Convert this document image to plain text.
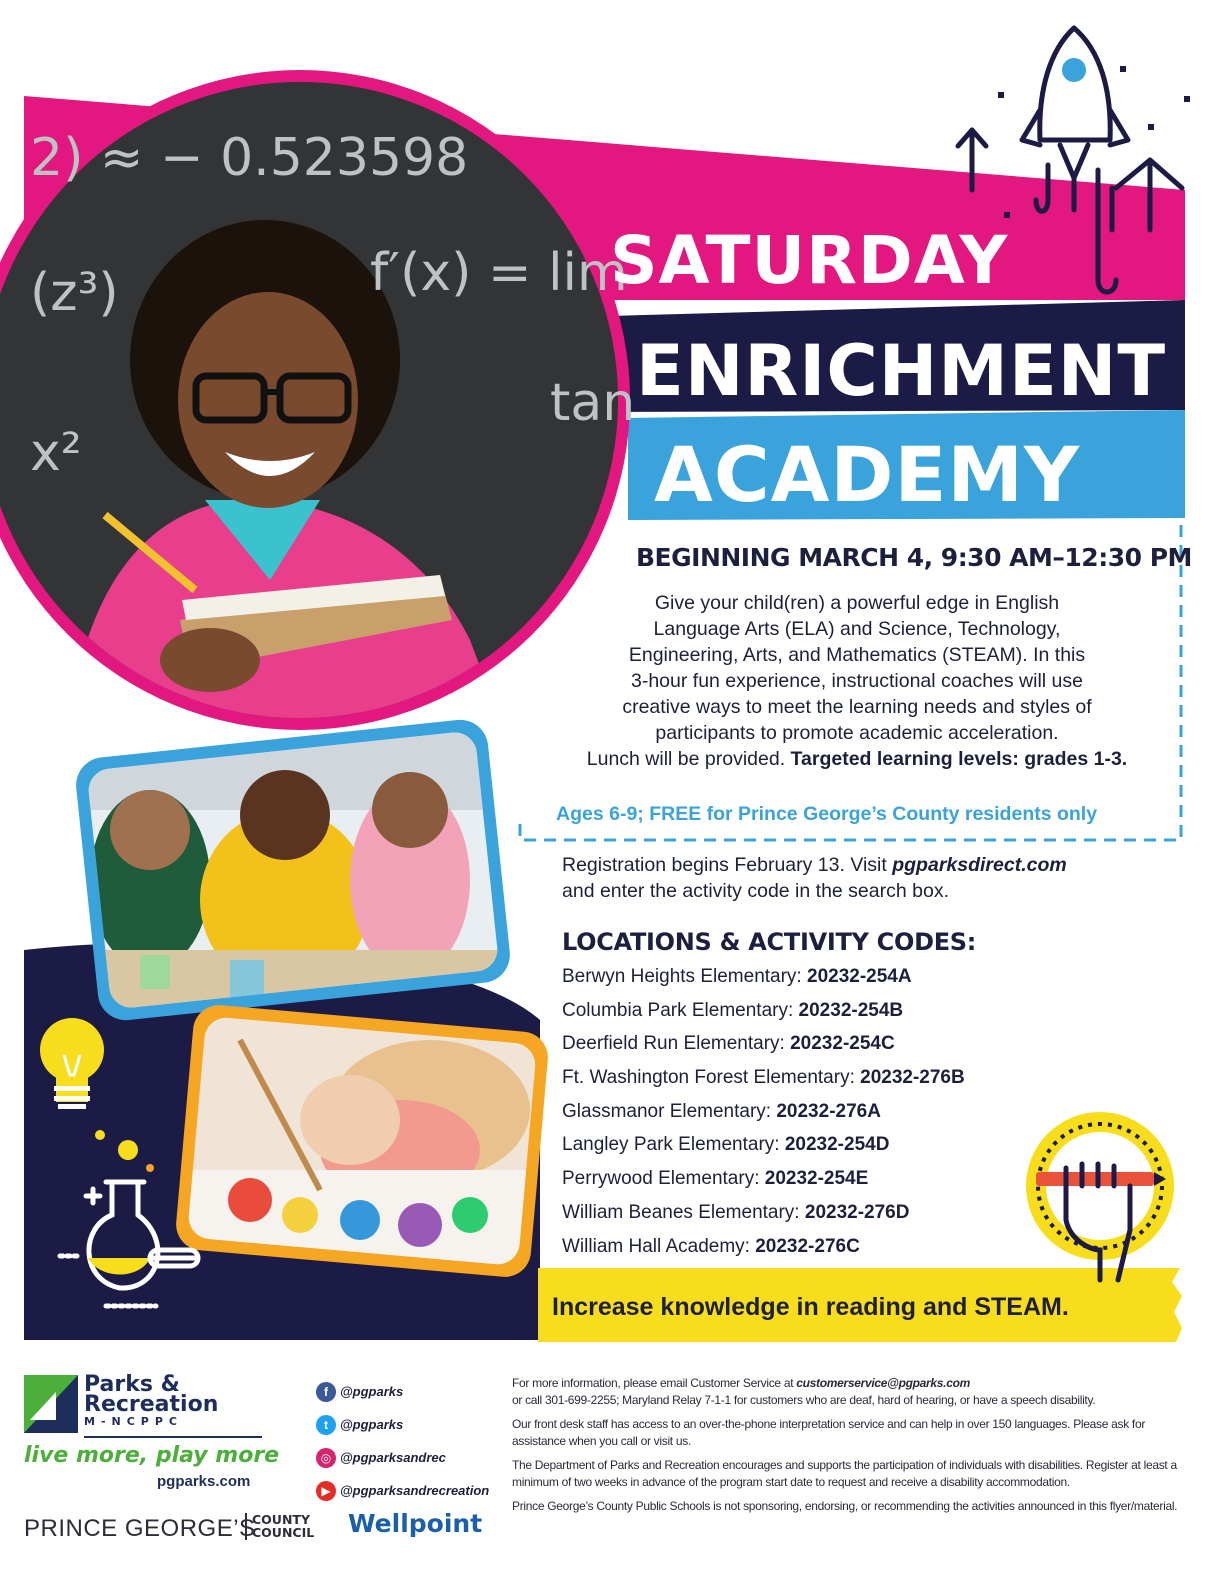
2) ≈ − 0.523598
f′(x) = lim
(z³)
x²
tan
SATURDAY
ENRICHMENT
ACADEMY
BEGINNING MARCH 4, 9:30 AM–12:30 PM
Give your child(ren) a powerful edge in English
Language Arts (ELA) and Science, Technology,
Engineering, Arts, and Mathematics (STEAM). In this
3-hour fun experience, instructional coaches will use
creative ways to meet the learning needs and styles of
participants to promote academic acceleration.
Lunch will be provided. Targeted learning levels: grades 1-3.
Ages 6-9; FREE for Prince George’s County residents only
Registration begins February 13. Visit pgparksdirect.com
and enter the activity code in the search box.
LOCATIONS & ACTIVITY CODES:
Berwyn Heights Elementary: 20232-254A
Columbia Park Elementary: 20232-254B
Deerfield Run Elementary: 20232-254C
Ft. Washington Forest Elementary: 20232-276B
Glassmanor Elementary: 20232-276A
Langley Park Elementary: 20232-254D
Perrywood Elementary: 20232-254E
William Beanes Elementary: 20232-276D
William Hall Academy: 20232-276C
Increase knowledge in reading and STEAM.
Parks &
Recreation
M-NCPPC
live more, play more
pgparks.com
PRINCE GEORGE’S
COUNTY
COUNCIL Wellpoint
f @pgparks
t @pgparks
◎ @pgparksandrec
▶ @pgparksandrecreation

For more information, please email Customer Service at customerservice@pgparks.com
or call 301-699-2255; Maryland Relay 7-1-1 for customers who are deaf, hard of hearing, or have a speech disability.

Our front desk staff has access to an over-the-phone interpretation service and can help in over 150 languages. Please ask for assistance when you call or visit us.

The Department of Parks and Recreation encourages and supports the participation of individuals with disabilities. Register at least a minimum of two weeks in advance of the program start date to request and receive a disability accommodation.

Prince George’s County Public Schools is not sponsoring, endorsing, or recommending the activities announced in this flyer/material.
